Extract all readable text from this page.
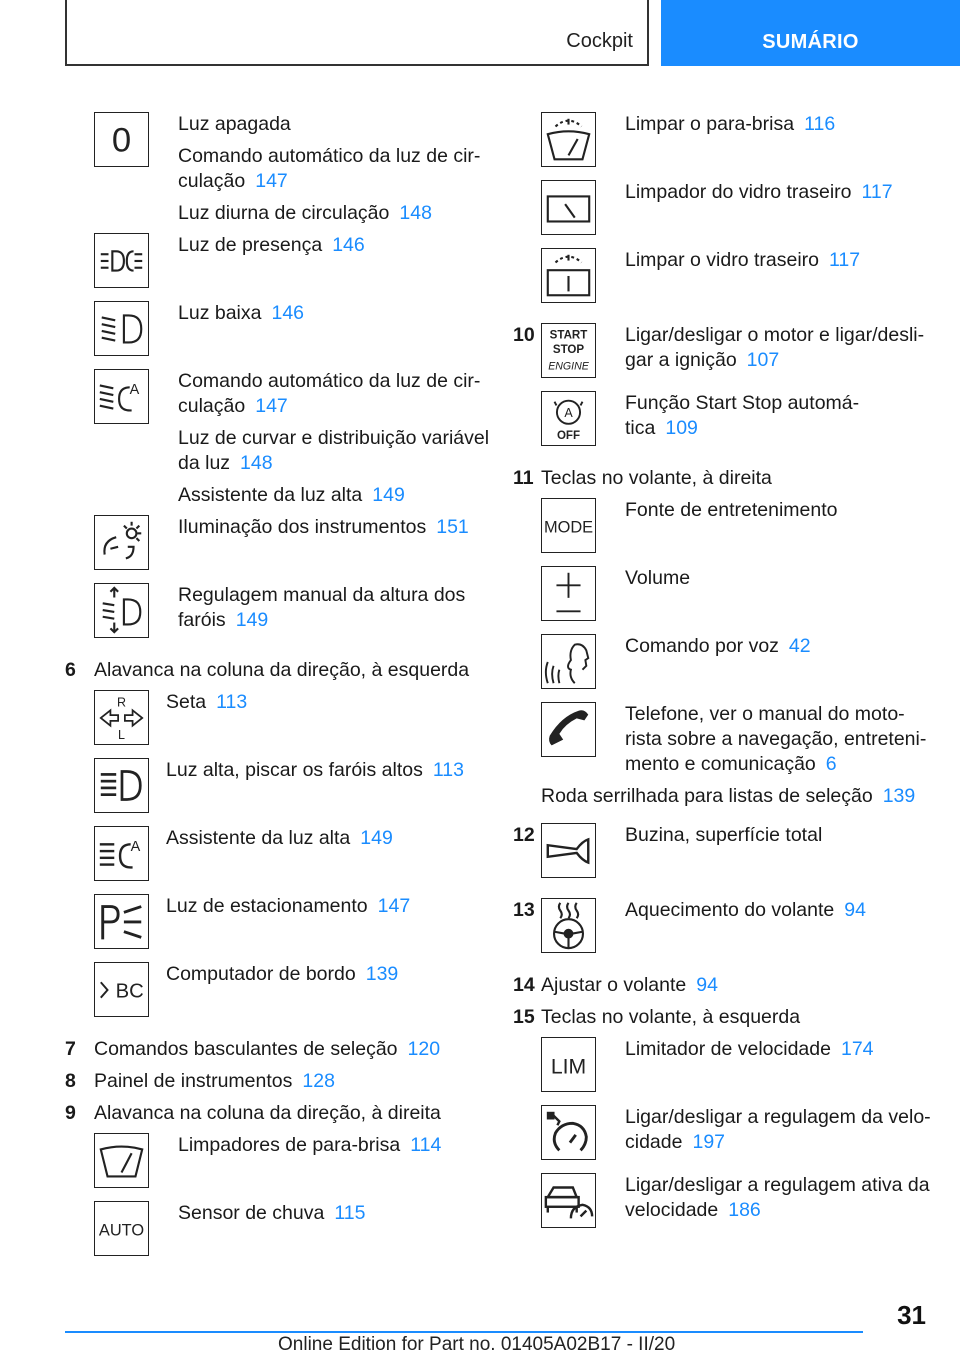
Cockpit	SUMÁRIO
0 Luz apagada
Comando automático da luz de cir-
culação 147
Luz diurna de circulação 148
Luz de presença 146
Luz baixa 146
A Comando automático da luz de cir-
culação 147
Luz de curvar e distribuição variável
da luz 148
Assistente da luz alta 149
Iluminação dos instrumentos 151
Regulagem manual da altura dos
faróis 149
6 Alavanca na coluna da direção, à esquerda
R
L
Seta 113
Luz alta, piscar os faróis altos 113
A Assistente da luz alta 149
Luz de estacionamento 147
BC
Computador de bordo 139
7 Comandos basculantes de seleção 120
8 Painel de instrumentos 128
9 Alavanca na coluna da direção, à direita
Limpadores de para-brisa 114
AUTO
Sensor de chuva 115
Limpar o para-brisa 116
Limpador do vidro traseiro 117
Limpar o vidro traseiro 117
10 START
STOP
ENGINE
Ligar/desligar o motor e ligar/desli-
gar a ignição 107
A
OFF
Função Start Stop automá-
tica 109
11 Teclas no volante, à direita
MODE
Fonte de entretenimento
Volume
Comando por voz 42
Telefone, ver o manual do moto-
rista sobre a navegação, entreteni-
mento e comunicação 6
Roda serrilhada para listas de seleção 139
12	Buzina, superfície total
13	Aquecimento do volante 94
14 Ajustar o volante 94
15 Teclas no volante, à esquerda
LIM
Limitador de velocidade 174
Ligar/desligar a regulagem da velo-
cidade 197
Ligar/desligar a regulagem ativa da
velocidade 186
31
Online Edition for Part no. 01405A02B17 - II/20
